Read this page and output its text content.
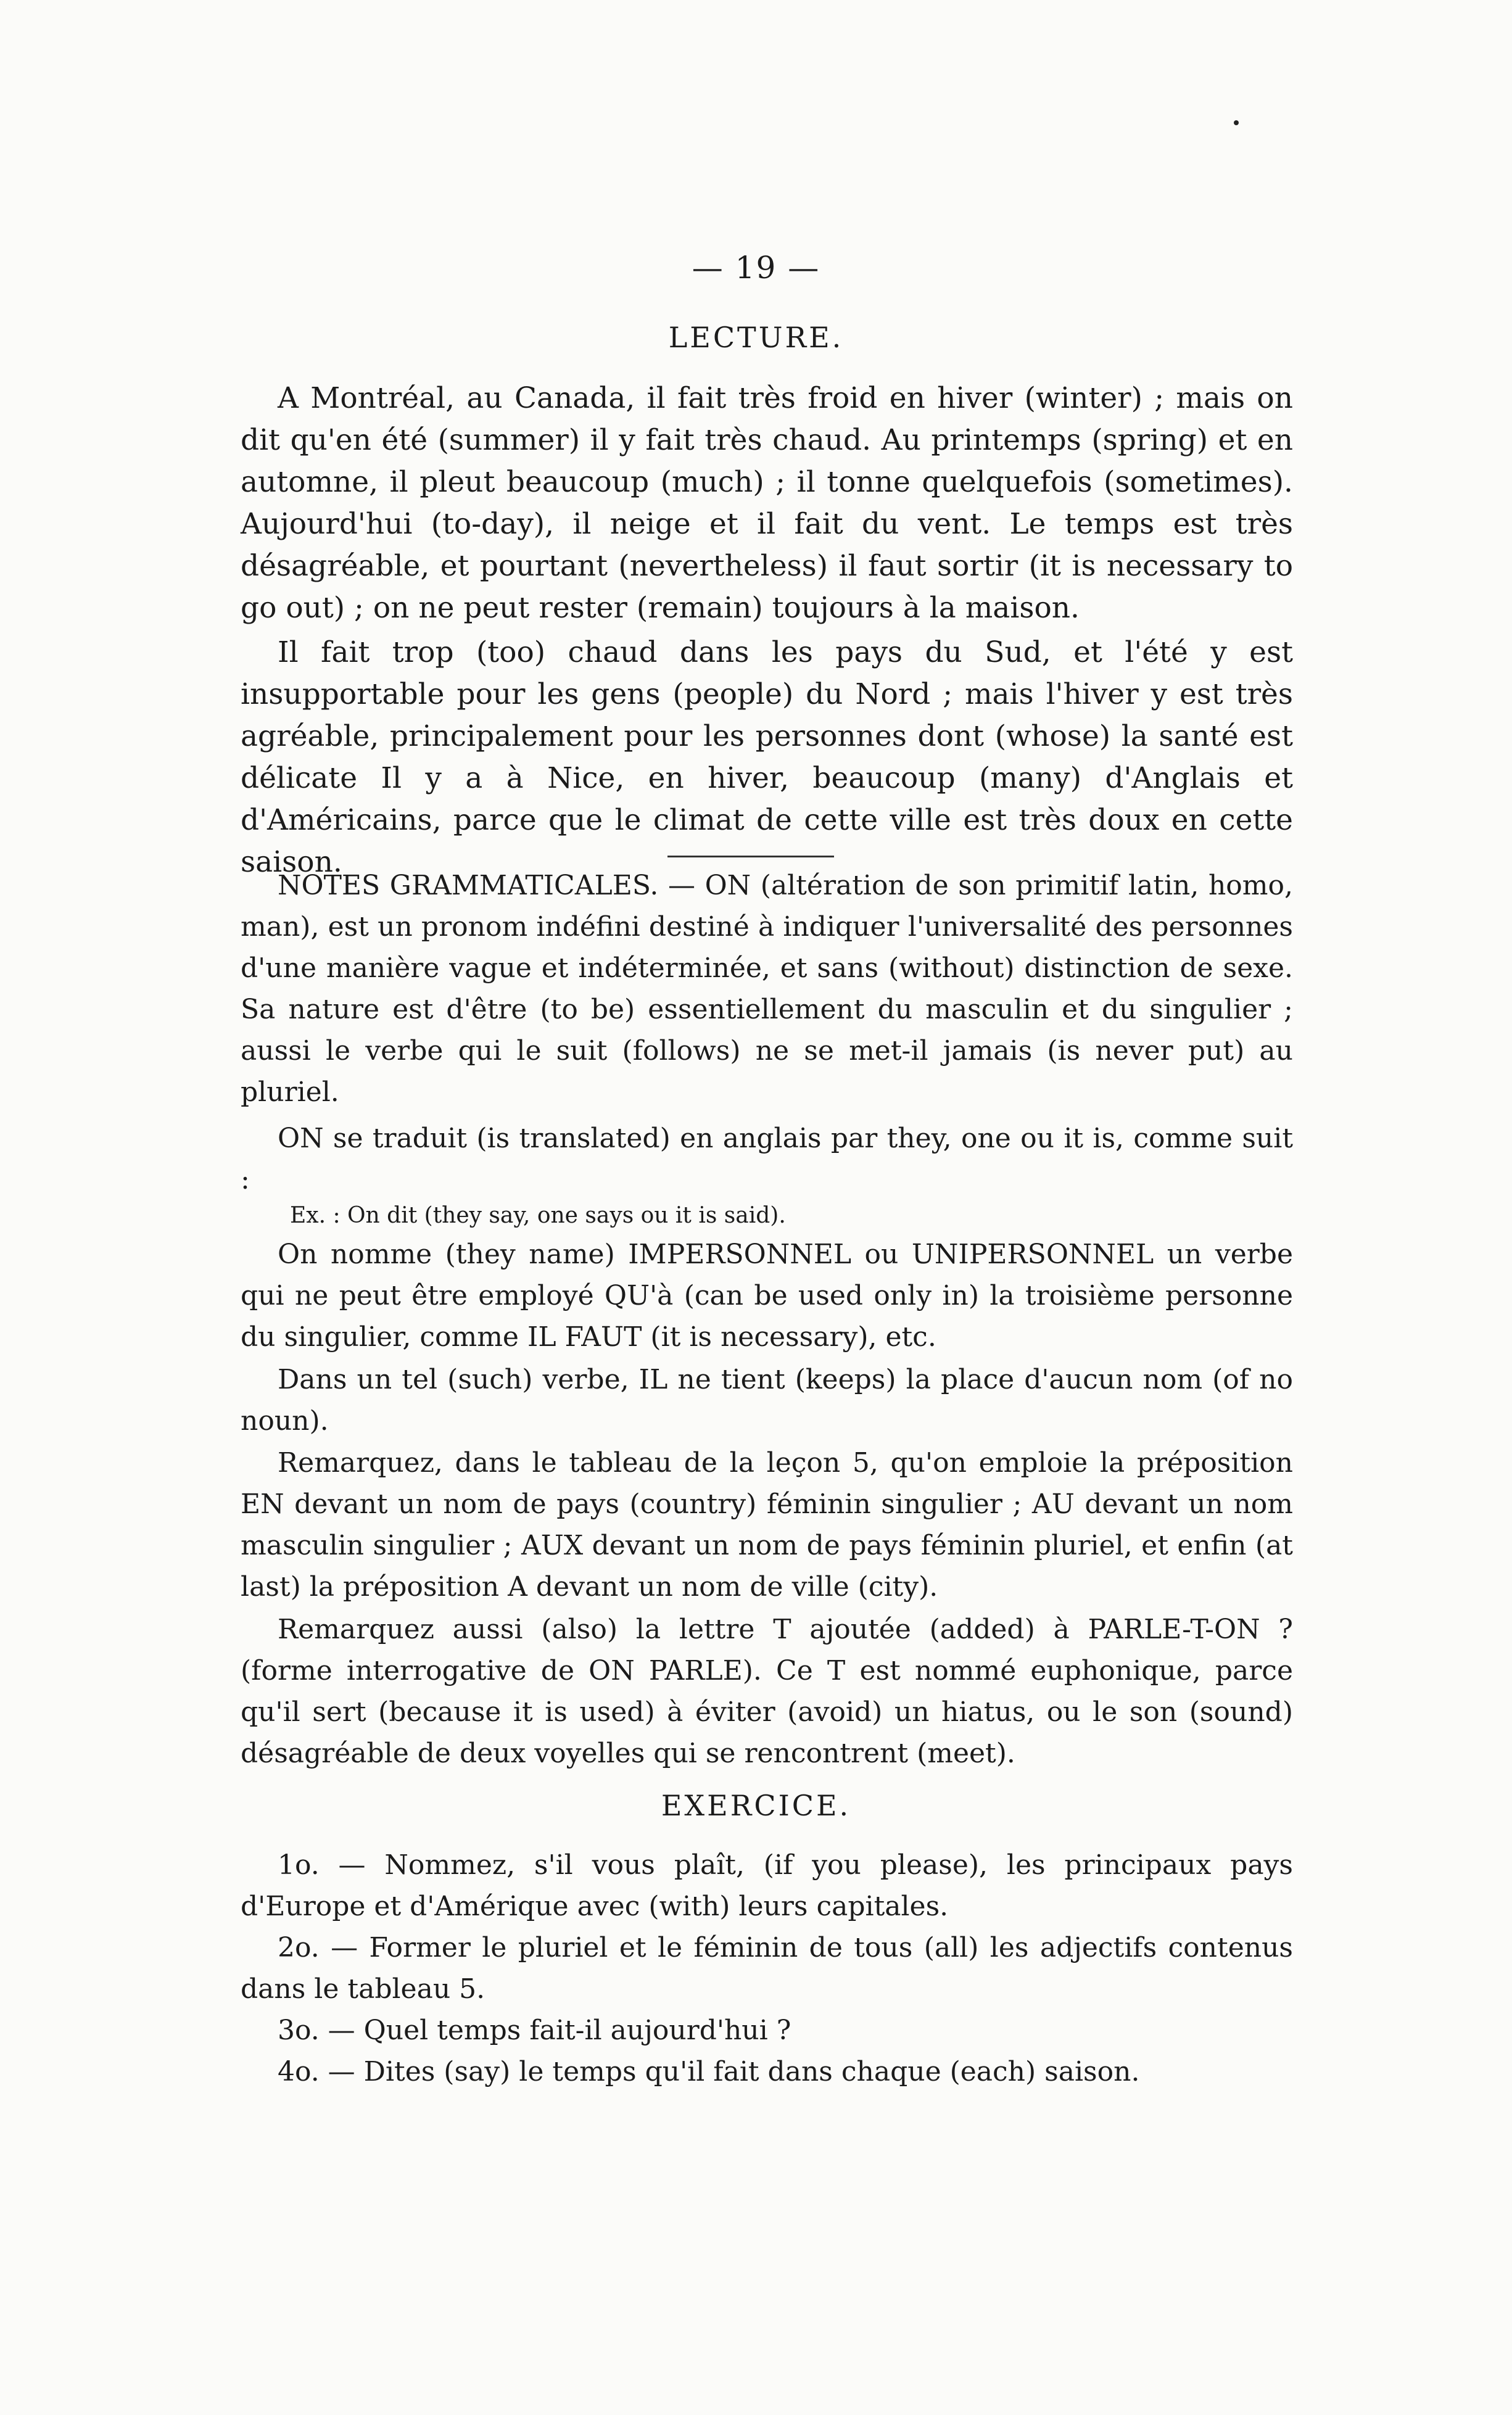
— 19 —
LECTURE.
A Montréal, au Canada, il fait très froid en hiver (winter) ; mais on dit qu'en été (summer) il y fait très chaud. Au printemps (spring) et en automne, il pleut beaucoup (much) ; il tonne quelquefois (sometimes). Aujourd'hui (to-day), il neige et il fait du vent. Le temps est très désagréable, et pourtant (nevertheless) il faut sortir (it is necessary to go out) ; on ne peut rester (remain) toujours à la maison.
Il fait trop (too) chaud dans les pays du Sud, et l'été y est insupportable pour les gens (people) du Nord ; mais l'hiver y est très agréable, principalement pour les personnes dont (whose) la santé est délicate Il y a à Nice, en hiver, beaucoup (many) d'Anglais et d'Américains, parce que le climat de cette ville est très doux en cette saison.
NOTES GRAMMATICALES. — ON (altération de son primitif latin, homo, man), est un pronom indéfini destiné à indiquer l'universalité des personnes d'une manière vague et indéterminée, et sans (without) distinction de sexe. Sa nature est d'être (to be) essentiellement du masculin et du singulier ; aussi le verbe qui le suit (follows) ne se met-il jamais (is never put) au pluriel.
ON se traduit (is translated) en anglais par they, one ou it is, comme suit :
Ex. : On dit (they say, one says ou it is said).
On nomme (they name) IMPERSONNEL ou UNIPERSONNEL un verbe qui ne peut être employé QU'à (can be used only in) la troisième personne du singulier, comme IL FAUT (it is necessary), etc.
Dans un tel (such) verbe, IL ne tient (keeps) la place d'aucun nom (of no noun).
Remarquez, dans le tableau de la leçon 5, qu'on emploie la préposition EN devant un nom de pays (country) féminin singulier ; AU devant un nom masculin singulier ; AUX devant un nom de pays féminin pluriel, et enfin (at last) la préposition A devant un nom de ville (city).
Remarquez aussi (also) la lettre T ajoutée (added) à PARLE-T-ON ? (forme interrogative de ON PARLE). Ce T est nommé euphonique, parce qu'il sert (because it is used) à éviter (avoid) un hiatus, ou le son (sound) désagréable de deux voyelles qui se rencontrent (meet).
EXERCICE.
1o. — Nommez, s'il vous plaît, (if you please), les principaux pays d'Europe et d'Amérique avec (with) leurs capitales.
2o. — Former le pluriel et le féminin de tous (all) les adjectifs contenus dans le tableau 5.
3o. — Quel temps fait-il aujourd'hui ?
4o. — Dites (say) le temps qu'il fait dans chaque (each) saison.
